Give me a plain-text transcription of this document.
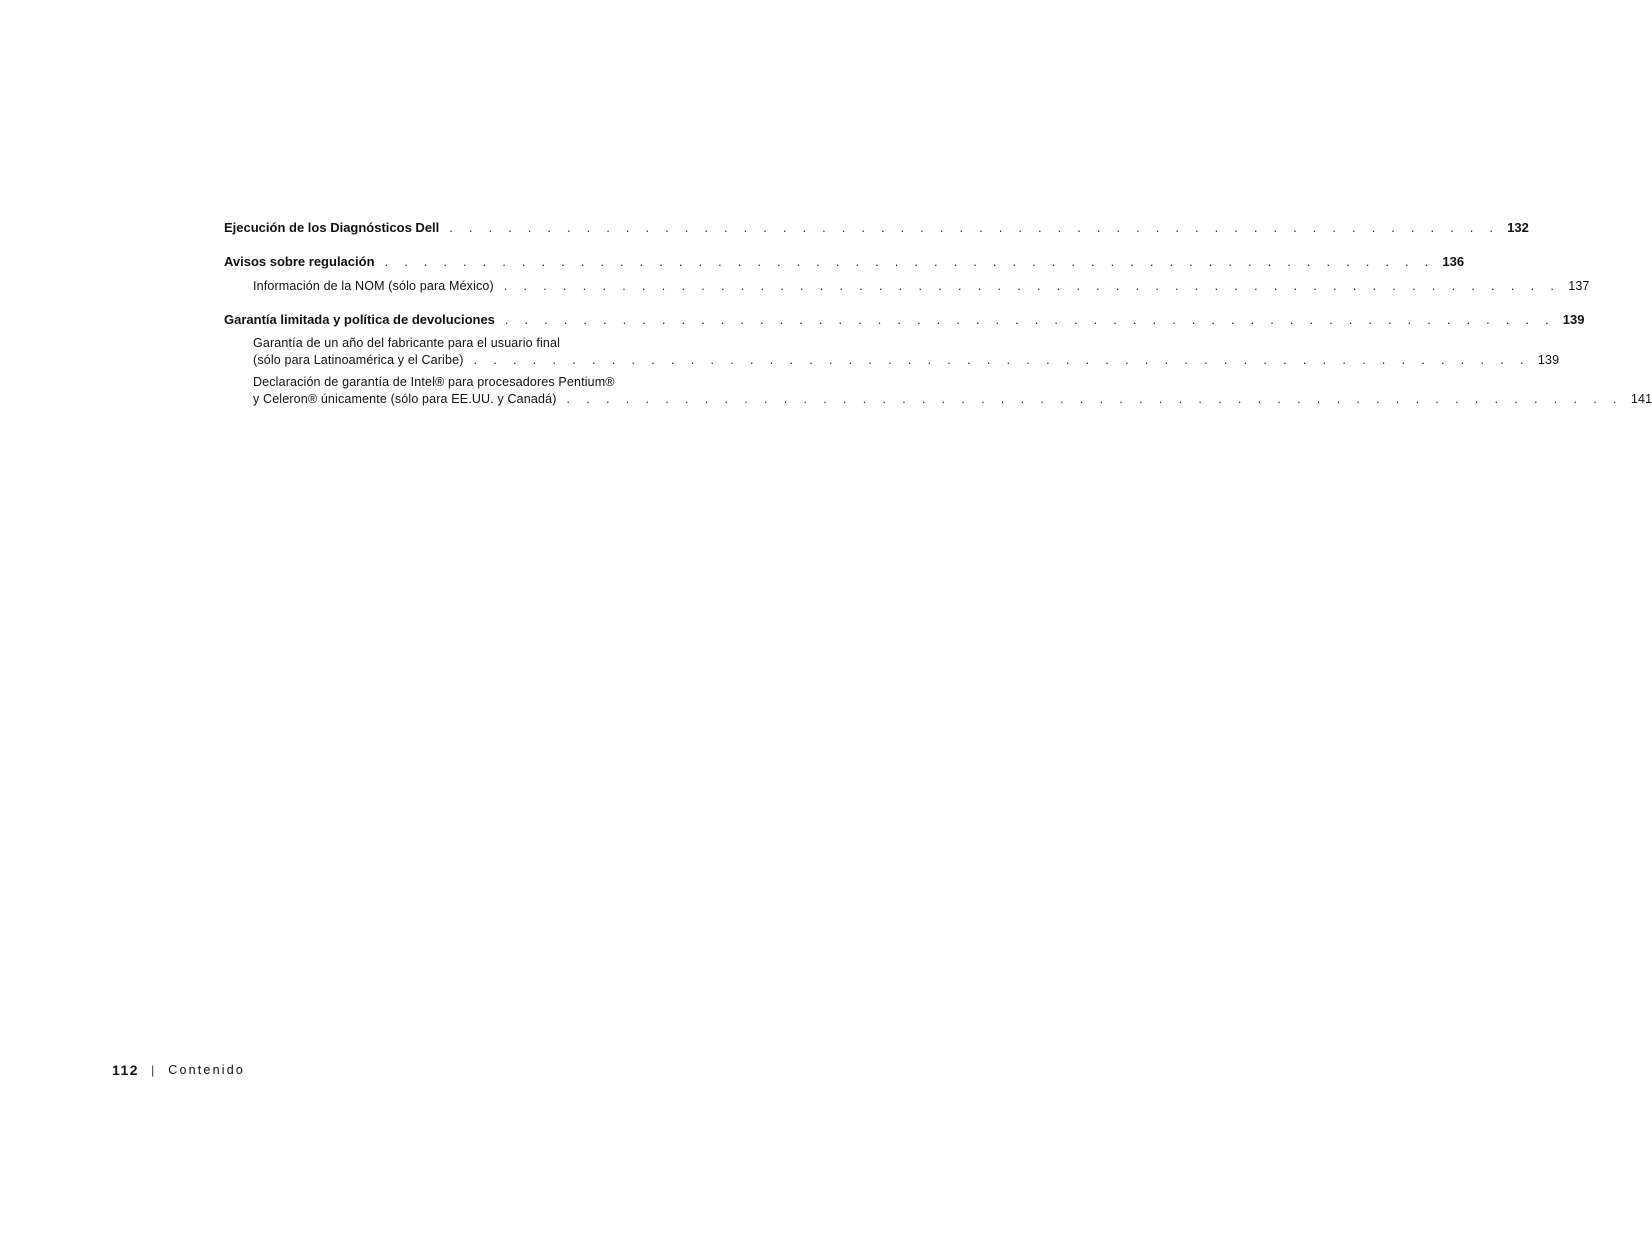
Ejecución de los Diagnósticos Dell . . . . . . . . . . . . . . . . . . . . . . . . . . . . . . . . . . . . . . . . . . . . . . . . . . . . . . 132
Avisos sobre regulación . . . . . . . . . . . . . . . . . . . . . . . . . . . . . . . . . . . . . . . . . . . . . . . . . . . . . . 136
Información de la NOM (sólo para México) . . . . . . . . . . . . . . . . . . . . . . . . . . . . . . . . . . . . . . . . . . . . . . . . . . . . . . 137
Garantía limitada y política de devoluciones . . . . . . . . . . . . . . . . . . . . . . . . . . . . . . . . . . . . . . . . . . . . . . . . . . . . . . 139
Garantía de un año del fabricante para el usuario final
(sólo para Latinoamérica y el Caribe) . . . . . . . . . . . . . . . . . . . . . . . . . . . . . . . . . . . . . . . . . . . . . . . . . . . . . . 139
Declaración de garantía de Intel® para procesadores Pentium®
y Celeron® únicamente (sólo para EE.UU. y Canadá) . . . . . . . . . . . . . . . . . . . . . . . . . . . . . . . . . . . . . . . . . . . . . . . . . . . . . . 141
112 | Contenido
